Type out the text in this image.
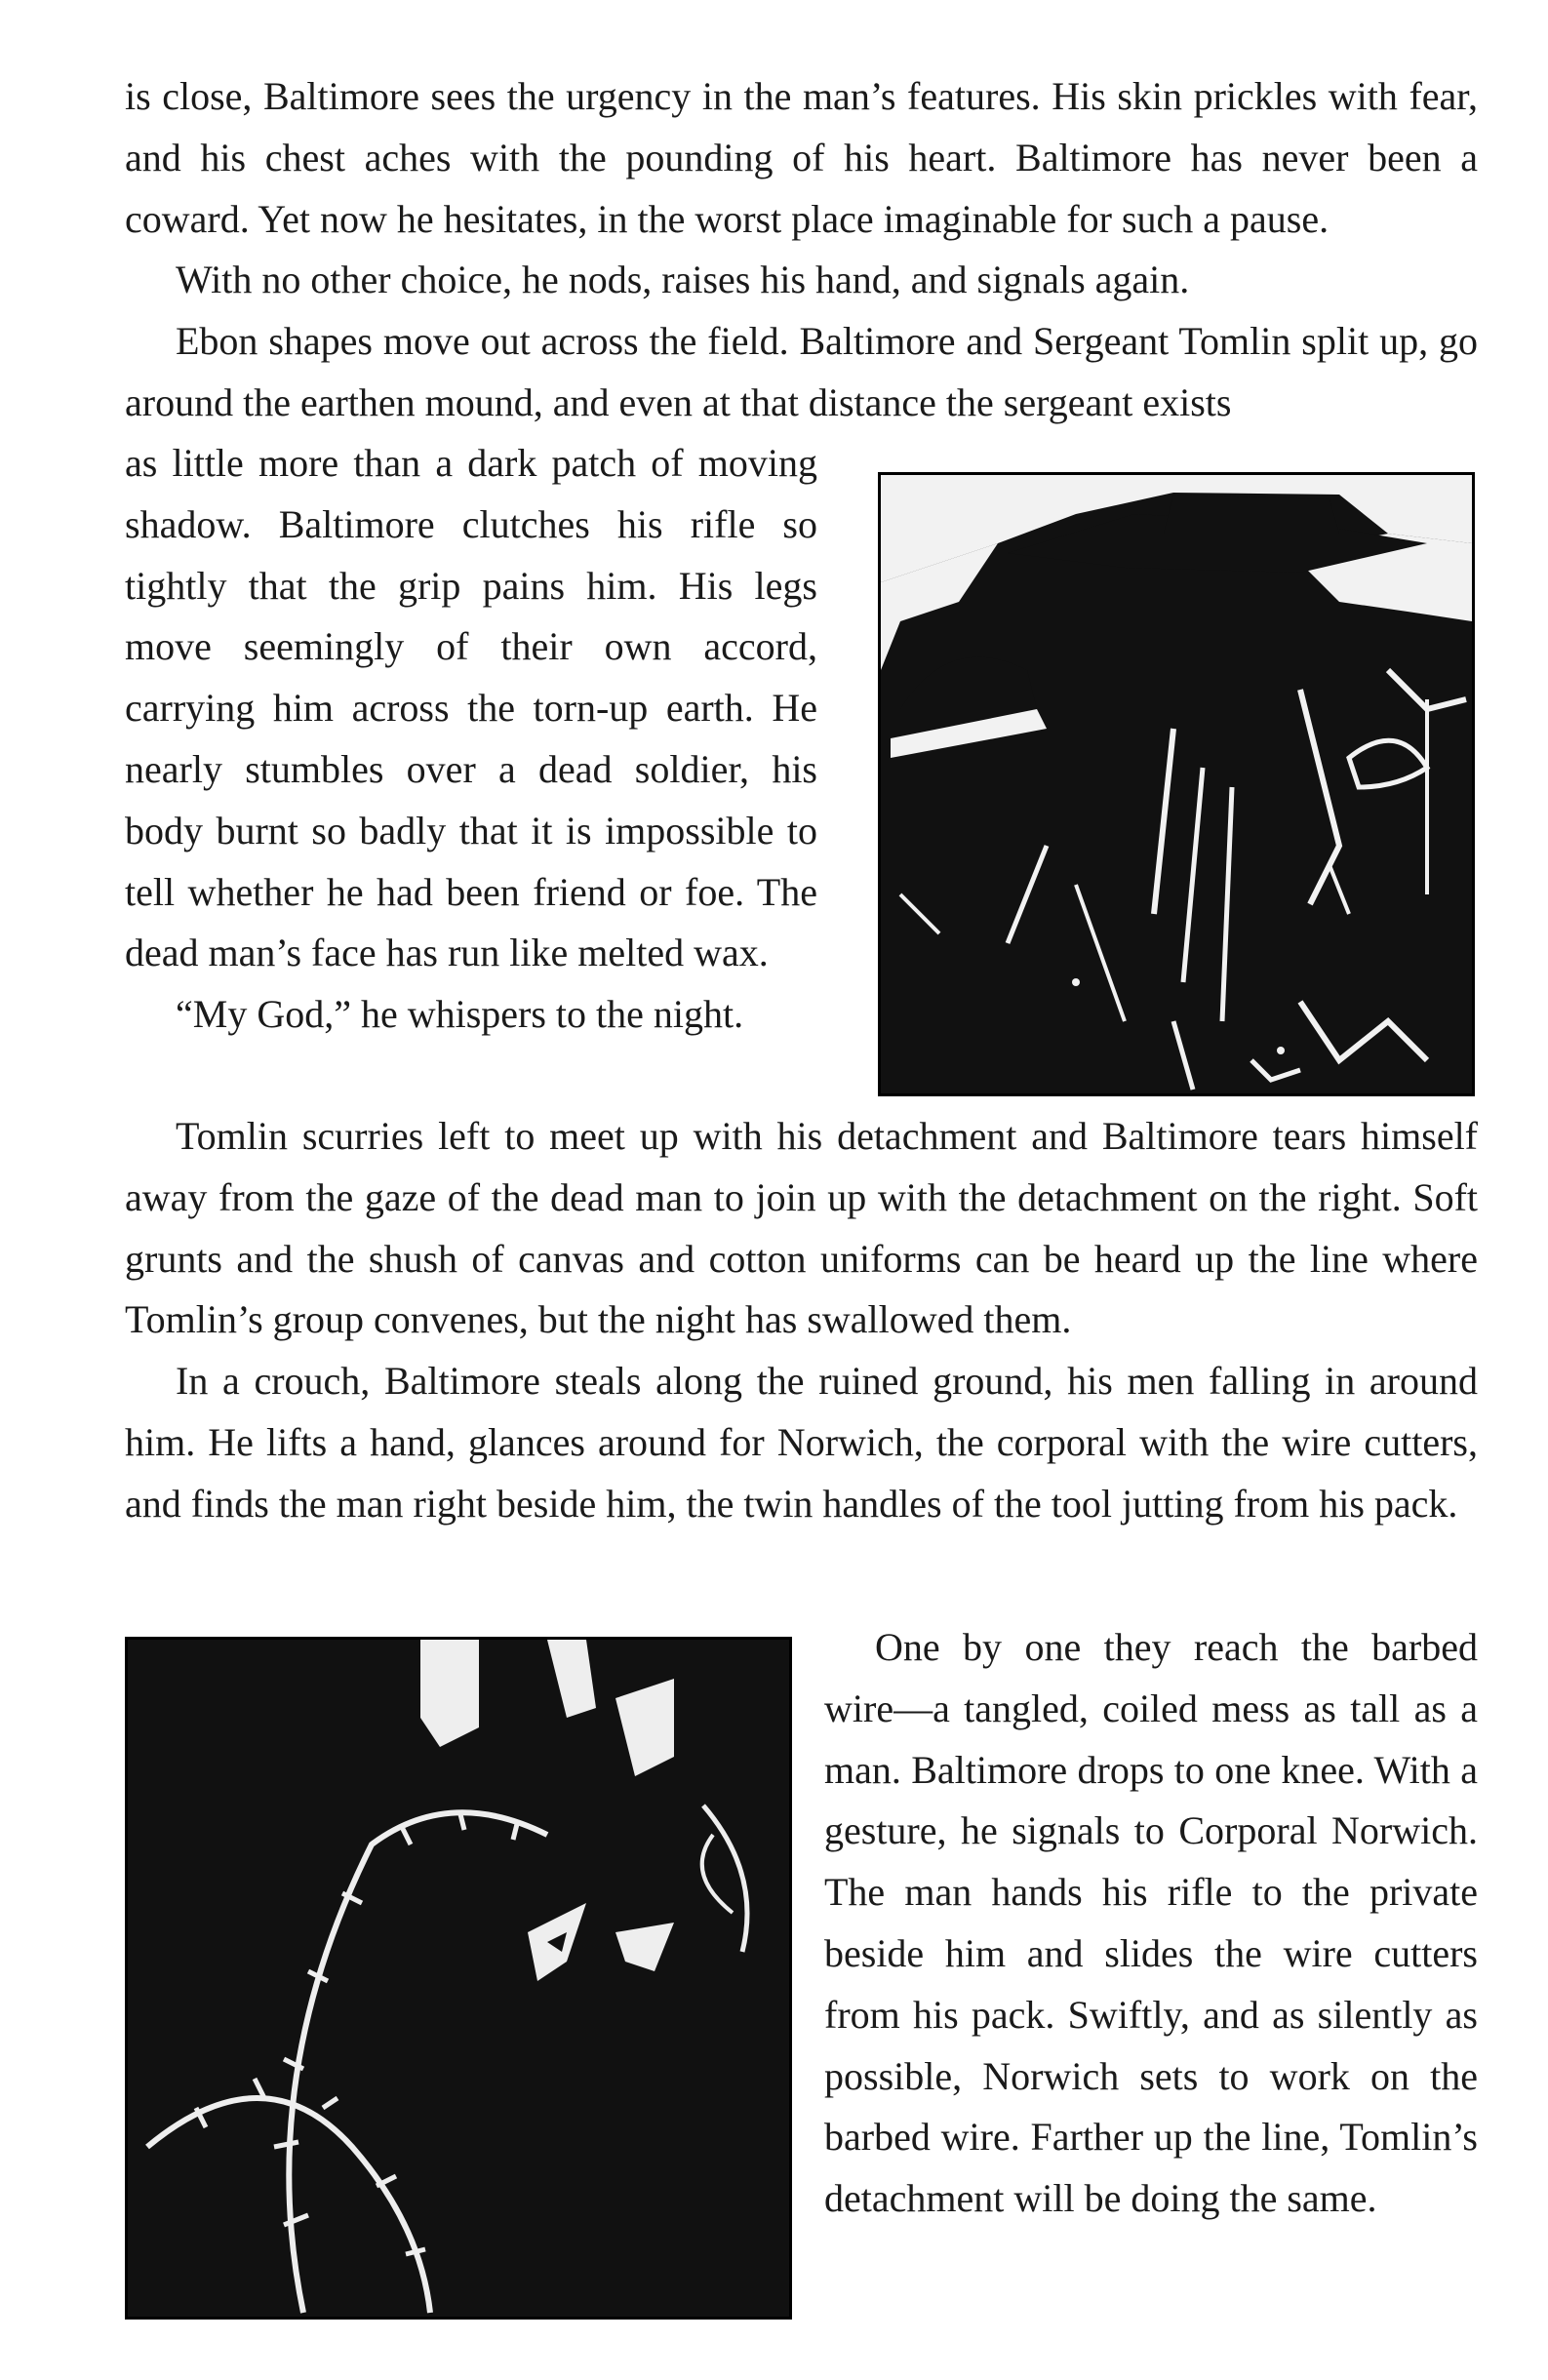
is close, Baltimore sees the urgency in the man’s features. His skin prickles with fear, and his chest aches with the pounding of his heart. Baltimore has never been a coward. Yet now he hesitates, in the worst place imaginable for such a pause.

With no other choice, he nods, raises his hand, and signals again.

Ebon shapes move out across the field. Baltimore and Sergeant Tomlin split up, go around the earthen mound, and even at that distance the sergeant exists

as little more than a dark patch of moving shadow. Baltimore clutches his rifle so tightly that the grip pains him. His legs move seemingly of their own accord, carrying him across the torn-up earth. He nearly stumbles over a dead soldier, his body burnt so badly that it is impossible to tell whether he had been friend or foe. The dead man’s face has run like melted wax.

“My God,” he whispers to the night.

Tomlin scurries left to meet up with his detachment and Baltimore tears himself away from the gaze of the dead man to join up with the detachment on the right. Soft grunts and the shush of canvas and cotton uniforms can be heard up the line where Tomlin’s group convenes, but the night has swallowed them.

In a crouch, Baltimore steals along the ruined ground, his men falling in around him. He lifts a hand, glances around for Norwich, the corporal with the wire cutters, and finds the man right beside him, the twin handles of the tool jutting from his pack.

One by one they reach the barbed wire—a tangled, coiled mess as tall as a man. Baltimore drops to one knee. With a gesture, he signals to Corporal Norwich. The man hands his rifle to the private beside him and slides the wire cutters from his pack. Swiftly, and as silently as possible, Norwich sets to work on the barbed wire. Farther up the line, Tomlin’s detachment will be doing the same.
